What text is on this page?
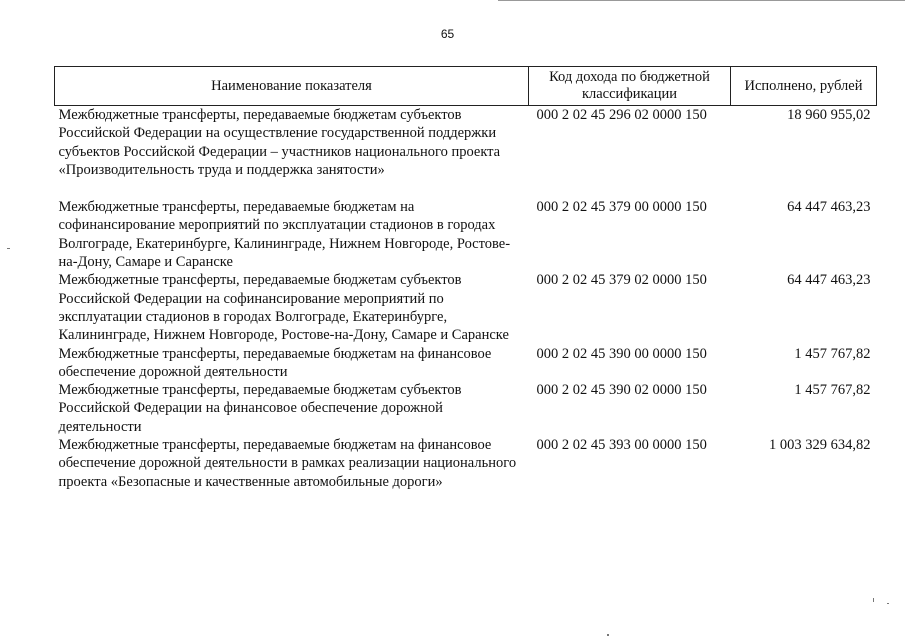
65
Наименование показателя	Код дохода по бюджетной классификации	Исполнено, рублей
Межбюджетные трансферты, передаваемые бюджетам субъектов Российской Федерации на осуществление государственной поддержки субъектов Российской Федерации – участников национального проекта «Производительность труда и поддержка занятости»	000 2 02 45 296 02 0000 150	18 960 955,02
Межбюджетные трансферты, передаваемые бюджетам на софинансирование мероприятий по эксплуатации стадионов в городах Волгограде, Екатеринбурге, Калининграде, Нижнем Новгороде, Ростове-на-Дону, Самаре и Саранске	000 2 02 45 379 00 0000 150	64 447 463,23
Межбюджетные трансферты, передаваемые бюджетам субъектов Российской Федерации на софинансирование мероприятий по эксплуатации стадионов в городах Волгограде, Екатеринбурге, Калининграде, Нижнем Новгороде, Ростове-на-Дону, Самаре и Саранске	000 2 02 45 379 02 0000 150	64 447 463,23
Межбюджетные трансферты, передаваемые бюджетам на финансовое обеспечение дорожной деятельности	000 2 02 45 390 00 0000 150	1 457 767,82
Межбюджетные трансферты, передаваемые бюджетам субъектов Российской Федерации на финансовое обеспечение дорожной деятельности	000 2 02 45 390 02 0000 150	1 457 767,82
Межбюджетные трансферты, передаваемые бюджетам на финансовое обеспечение дорожной деятельности в рамках реализации национального проекта «Безопасные и качественные автомобильные дороги»	000 2 02 45 393 00 0000 150	1 003 329 634,82
